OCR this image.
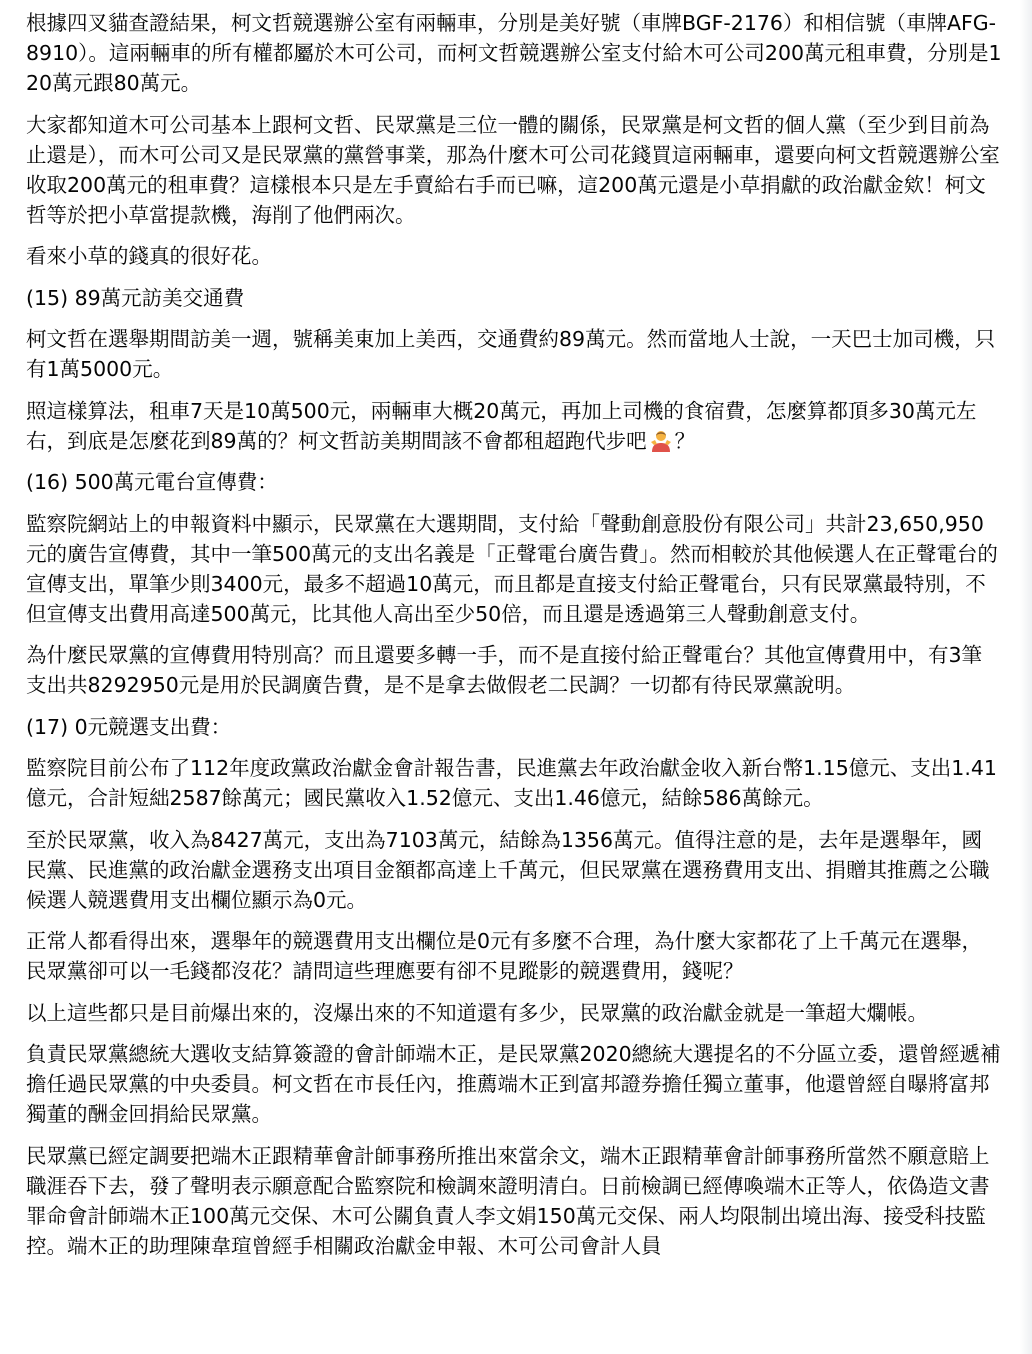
根據四叉貓查證結果，柯文哲競選辦公室有兩輛車，分別是美好號（車牌BGF-2176）和相信號（車牌AFG-8910）。這兩輛車的所有權都屬於木可公司，而柯文哲競選辦公室支付給木可公司200萬元租車費，分別是120萬元跟80萬元。

大家都知道木可公司基本上跟柯文哲、民眾黨是三位一體的關係，民眾黨是柯文哲的個人黨（至少到目前為止還是），而木可公司又是民眾黨的黨營事業，那為什麼木可公司花錢買這兩輛車，還要向柯文哲競選辦公室收取200萬元的租車費？這樣根本只是左手賣給右手而已嘛，這200萬元還是小草捐獻的政治獻金欸！柯文哲等於把小草當提款機，海削了他們兩次。

看來小草的錢真的很好花。

(15) 89萬元訪美交通費

柯文哲在選舉期間訪美一週，號稱美東加上美西，交通費約89萬元。然而當地人士說，一天巴士加司機，只有1萬5000元。

照這樣算法，租車7天是10萬500元，兩輛車大概20萬元，再加上司機的食宿費，怎麼算都頂多30萬元左右，到底是怎麼花到89萬的？柯文哲訪美期間該不會都租超跑代步吧 ？

(16) 500萬元電台宣傳費：

監察院網站上的申報資料中顯示，民眾黨在大選期間，支付給「聲動創意股份有限公司」共計23,650,950元的廣告宣傳費，其中一筆500萬元的支出名義是「正聲電台廣告費」。然而相較於其他候選人在正聲電台的宣傳支出，單筆少則3400元，最多不超過10萬元，而且都是直接支付給正聲電台，只有民眾黨最特別，不但宣傳支出費用高達500萬元，比其他人高出至少50倍，而且還是透過第三人聲動創意支付。

為什麼民眾黨的宣傳費用特別高？而且還要多轉一手，而不是直接付給正聲電台？其他宣傳費用中，有3筆支出共8292950元是用於民調廣告費，是不是拿去做假老二民調？一切都有待民眾黨說明。

(17) 0元競選支出費：

監察院目前公布了112年度政黨政治獻金會計報告書，民進黨去年政治獻金收入新台幣1.15億元、支出1.41億元，合計短絀2587餘萬元；國民黨收入1.52億元、支出1.46億元，結餘586萬餘元。

至於民眾黨，收入為8427萬元，支出為7103萬元，結餘為1356萬元。值得注意的是，去年是選舉年，國民黨、民進黨的政治獻金選務支出項目金額都高達上千萬元，但民眾黨在選務費用支出、捐贈其推薦之公職候選人競選費用支出欄位顯示為0元。

正常人都看得出來，選舉年的競選費用支出欄位是0元有多麼不合理，為什麼大家都花了上千萬元在選舉，民眾黨卻可以一毛錢都沒花？請問這些理應要有卻不見蹤影的競選費用，錢呢？

以上這些都只是目前爆出來的，沒爆出來的不知道還有多少，民眾黨的政治獻金就是一筆超大爛帳。

負責民眾黨總統大選收支結算簽證的會計師端木正，是民眾黨2020總統大選提名的不分區立委，還曾經遞補擔任過民眾黨的中央委員。柯文哲在市長任內，推薦端木正到富邦證券擔任獨立董事，他還曾經自曝將富邦獨董的酬金回捐給民眾黨。

民眾黨已經定調要把端木正跟精華會計師事務所推出來當余文，端木正跟精華會計師事務所當然不願意賠上職涯吞下去，發了聲明表示願意配合監察院和檢調來證明清白。日前檢調已經傳喚端木正等人，依偽造文書罪命會計師端木正100萬元交保、木可公關負責人李文娟150萬元交保、兩人均限制出境出海、接受科技監控。端木正的助理陳韋瑄曾經手相關政治獻金申報、木可公司會計人員
